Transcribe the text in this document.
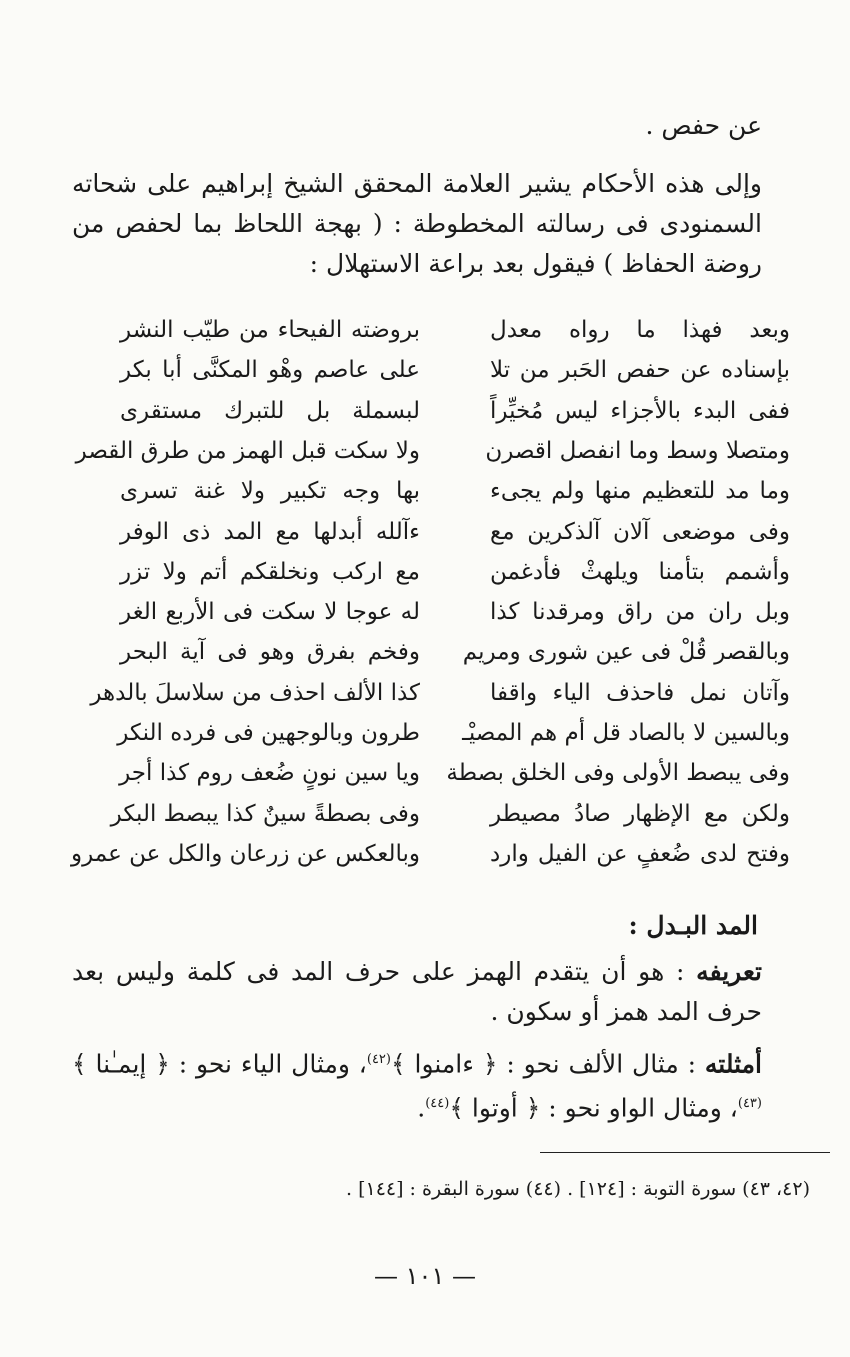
عن حفص .
وإلى هذه الأحكام يشير العلامة المحقق الشيخ إبراهيم على شحاته السمنودى فى رسالته المخطوطة : ( بهجة اللحاظ بما لحفص من روضة الحفاظ ) فيقول بعد براعة الاستهلال :
وبعد فهذا ما رواه معدل
بروضته الفيحاء من طيّب النشر
بإسناده عن حفص الحَبر من تلا
على عاصم وهْو المكنَّى أبا بكر
ففى البدء بالأجزاء ليس مُخيِّراً
لبسملة بل للتبرك مستقرى
ومتصلا وسط وما انفصل اقصرن
ولا سكت قبل الهمز من طرق القصر
وما مد للتعظيم منها ولم يجىء
بها وجه تكبير ولا غنة تسرى
وفى موضعى آلان آلذكرين مع
ءآلله أبدلها مع المد ذى الوفر
وأشمم بتأمنا ويلهثْ فأدغمن
مع اركب ونخلقكم أتم ولا تزر
وبل ران من راق ومرقدنا كذا
له عوجا لا سكت فى الأربع الغر
وبالقصر قُلْ فى عين شورى ومريم
وفخم بفرق وهو فى آية البحر
وآتان نمل فاحذف الياء واقفا
كذا الألف احذف من سلاسلَ بالدهر
وبالسين لا بالصاد قل أم هم المصيْـ
طرون وبالوجهين فى فرده النكر
وفى يبصط الأولى وفى الخلق بصطة
ويا سين نونٍ ضُعف روم كذا أجر
ولكن مع الإظهار صادُ مصيطر
وفى بصطةً سينٌ كذا يبصط البكر
وفتح لدى ضُعفٍ عن الفيل وارد
وبالعكس عن زرعان والكل عن عمرو
المد البـدل :
تعريفه : هو أن يتقدم الهمز على حرف المد فى كلمة وليس بعد حرف المد همز أو سكون .
أمثلته : مثال الألف نحو : ﴿ ءامنوا ﴾$^{(٤٢)}$، ومثال الياء نحو : ﴿ إيمـٰنا ﴾$^{(٤٣)}$، ومثال الواو نحو : ﴿ أوتوا ﴾$^{(٤٤)}$.
(٤٢، ٤٣) سورة التوبة : [١٢٤] . (٤٤) سورة البقرة : [١٤٤] .
— ١٠١ —
